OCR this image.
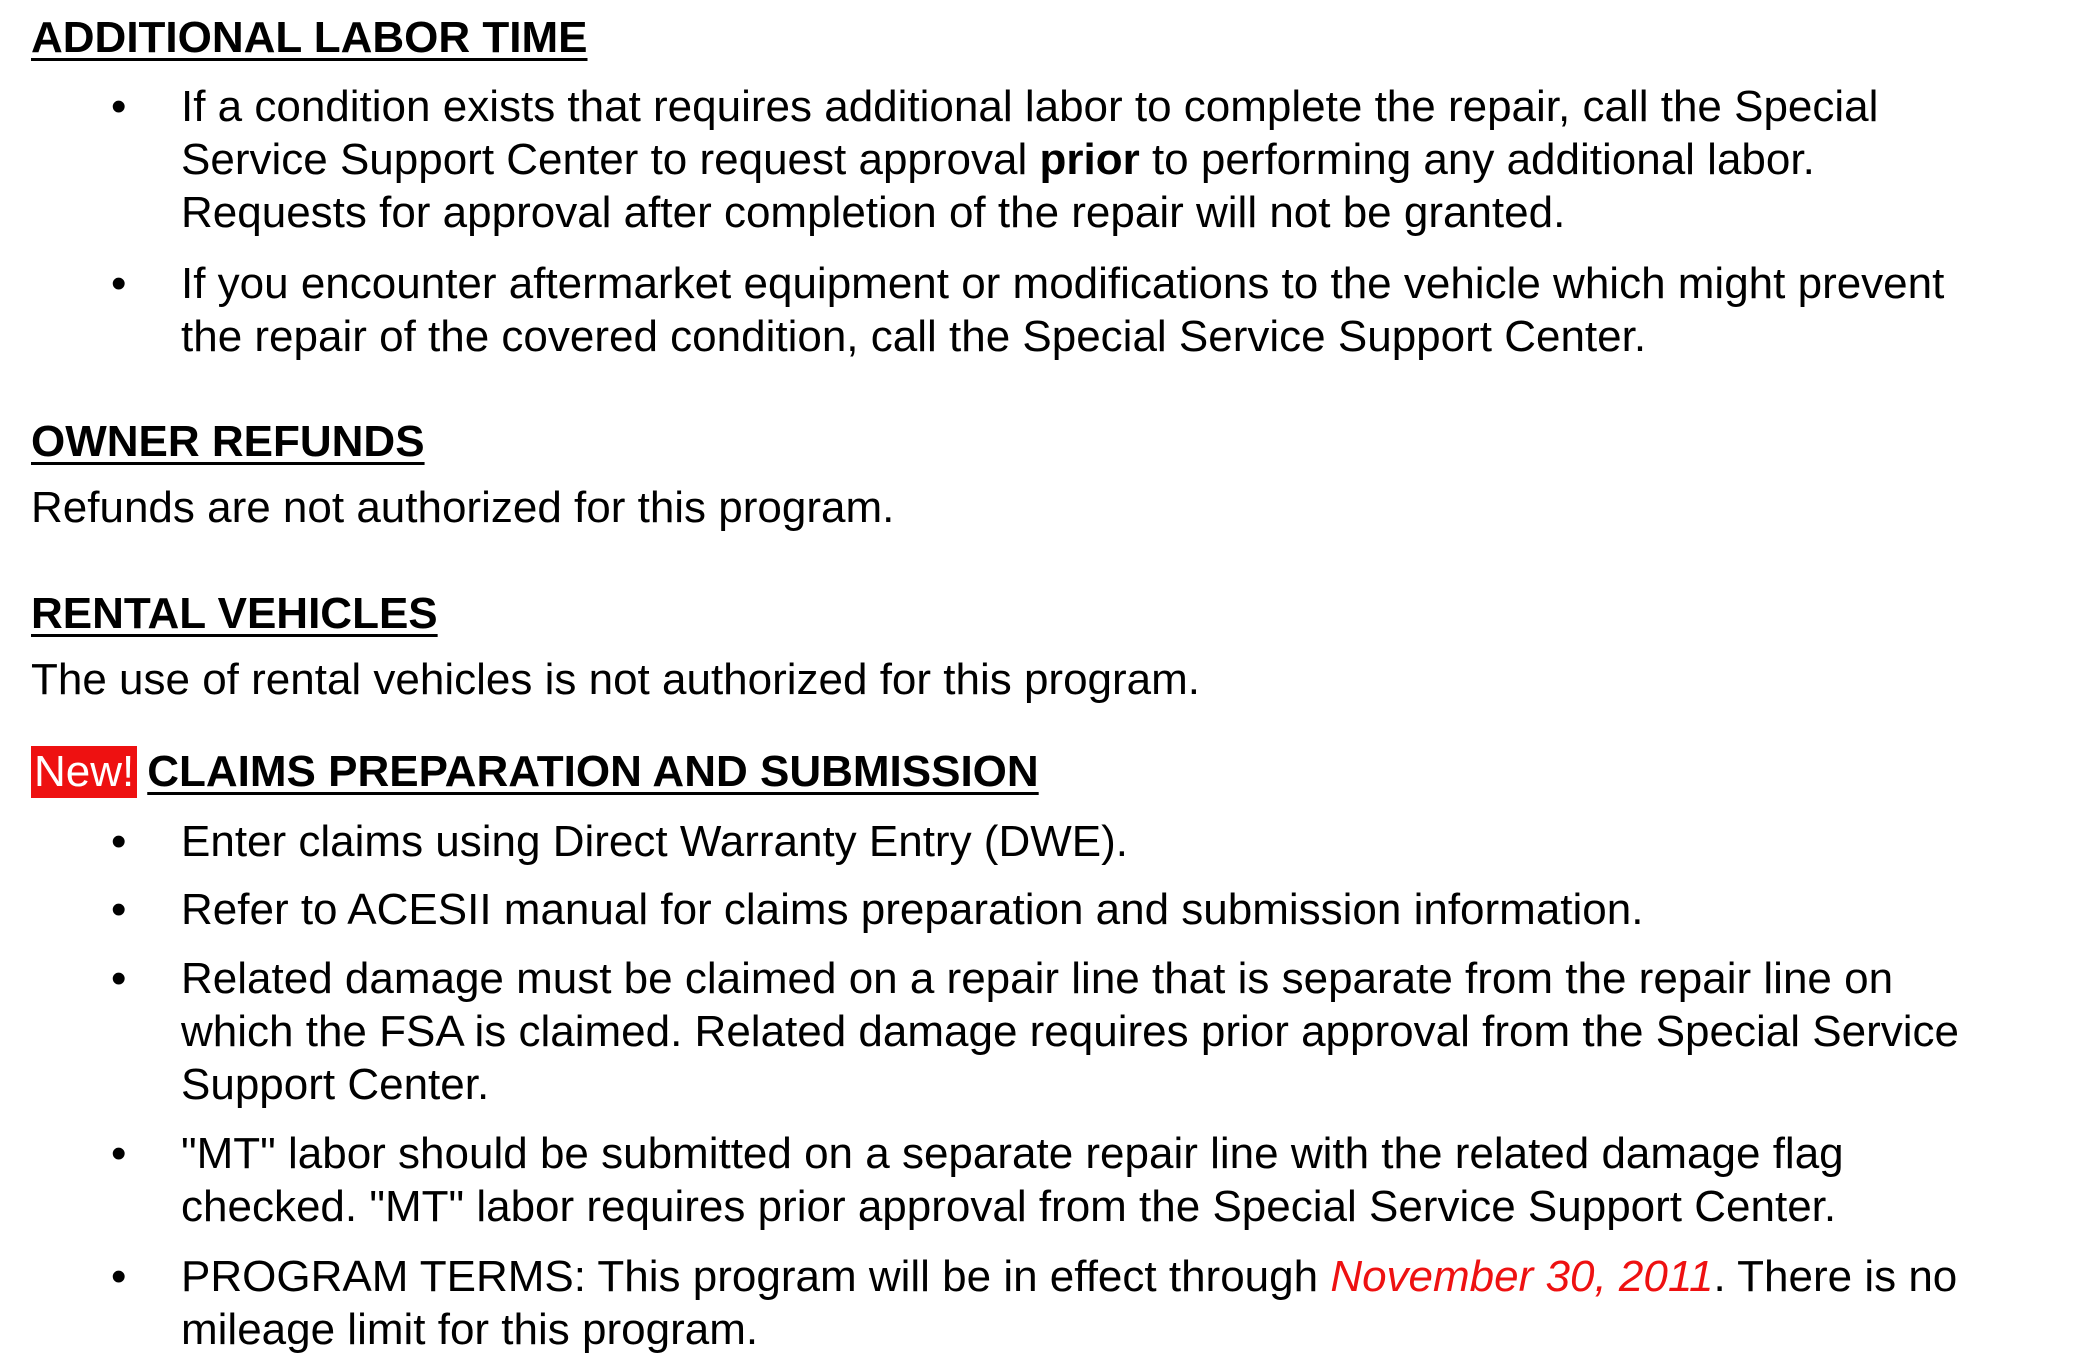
ADDITIONAL LABOR TIME
• If a condition exists that requires additional labor to complete the repair, call the Special
Service Support Center to request approval prior to performing any additional labor.
Requests for approval after completion of the repair will not be granted.
• If you encounter aftermarket equipment or modifications to the vehicle which might prevent
the repair of the covered condition, call the Special Service Support Center.
OWNER REFUNDS
Refunds are not authorized for this program.
RENTAL VEHICLES
The use of rental vehicles is not authorized for this program.
New! CLAIMS PREPARATION AND SUBMISSION
• Enter claims using Direct Warranty Entry (DWE).
• Refer to ACESII manual for claims preparation and submission information.
• Related damage must be claimed on a repair line that is separate from the repair line on
which the FSA is claimed. Related damage requires prior approval from the Special Service
Support Center.
• "MT" labor should be submitted on a separate repair line with the related damage flag
checked. "MT" labor requires prior approval from the Special Service Support Center.
• PROGRAM TERMS: This program will be in effect through November 30, 2011. There is no
mileage limit for this program.
